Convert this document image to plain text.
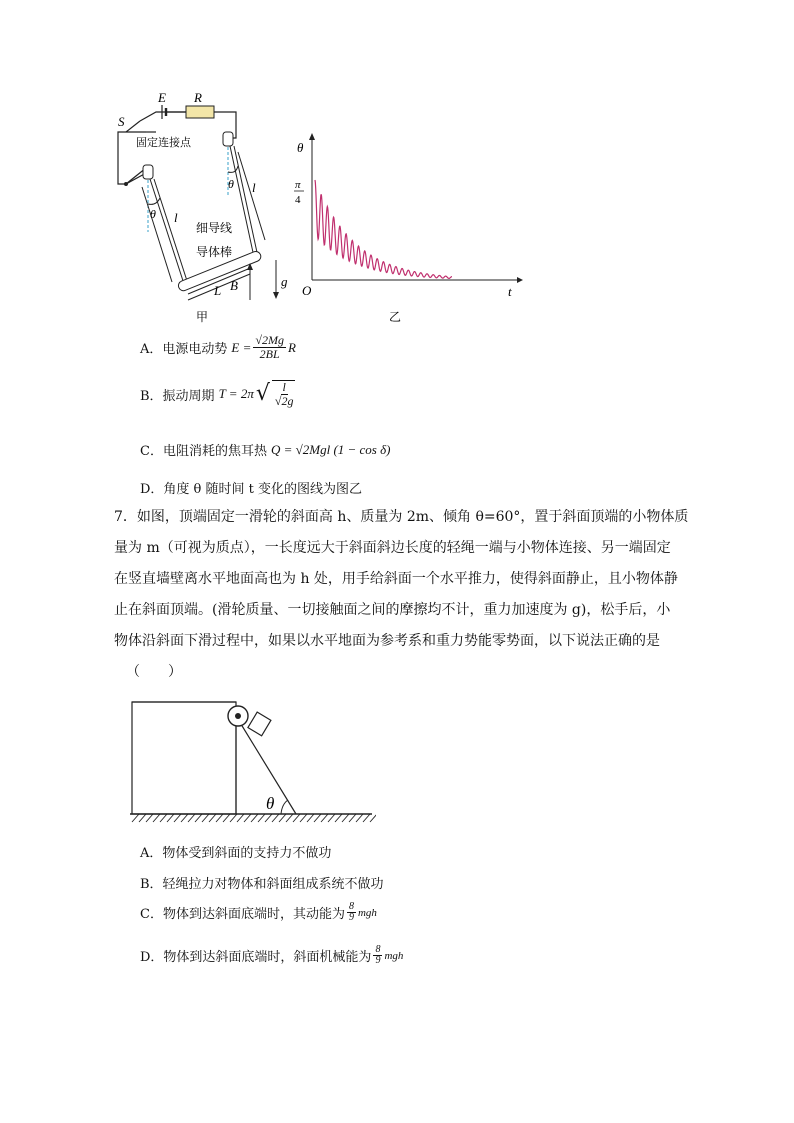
S
E R
固定连接点
θ
θ
l
l
细导线
导体棒
L B	g
甲
θ
π
4
O	t
乙
A．电源电动势 $E = \frac{√2Mg}{2BL}$ R
B．振动周期 T = 2π √ $\frac{l}{√2g}$
C．电阻消耗的焦耳热 Q = √2Mgl (1 − cos δ)
D．角度 θ 随时间 t 变化的图线为图乙
7．如图，顶端固定一滑轮的斜面高 h、质量为 2m、倾角 θ=60°，置于斜面顶端的小物体质
量为 m（可视为质点），一长度远大于斜面斜边长度的轻绳一端与小物体连接、另一端固定
在竖直墙壁离水平地面高也为 h 处，用手给斜面一个水平推力，使得斜面静止，且小物体静
止在斜面顶端。(滑轮质量、一切接触面之间的摩擦均不计，重力加速度为 g)，松手后，小
物体沿斜面下滑过程中，如果以水平地面为参考系和重力势能零势面，以下说法正确的是
（　　）
θ
A．物体受到斜面的支持力不做功
B．轻绳拉力对物体和斜面组成系统不做功
C．物体到达斜面底端时，其动能为 $\frac{8}{9}$ mgh
D．物体到达斜面底端时，斜面机械能为 $\frac{8}{9}$ mgh
